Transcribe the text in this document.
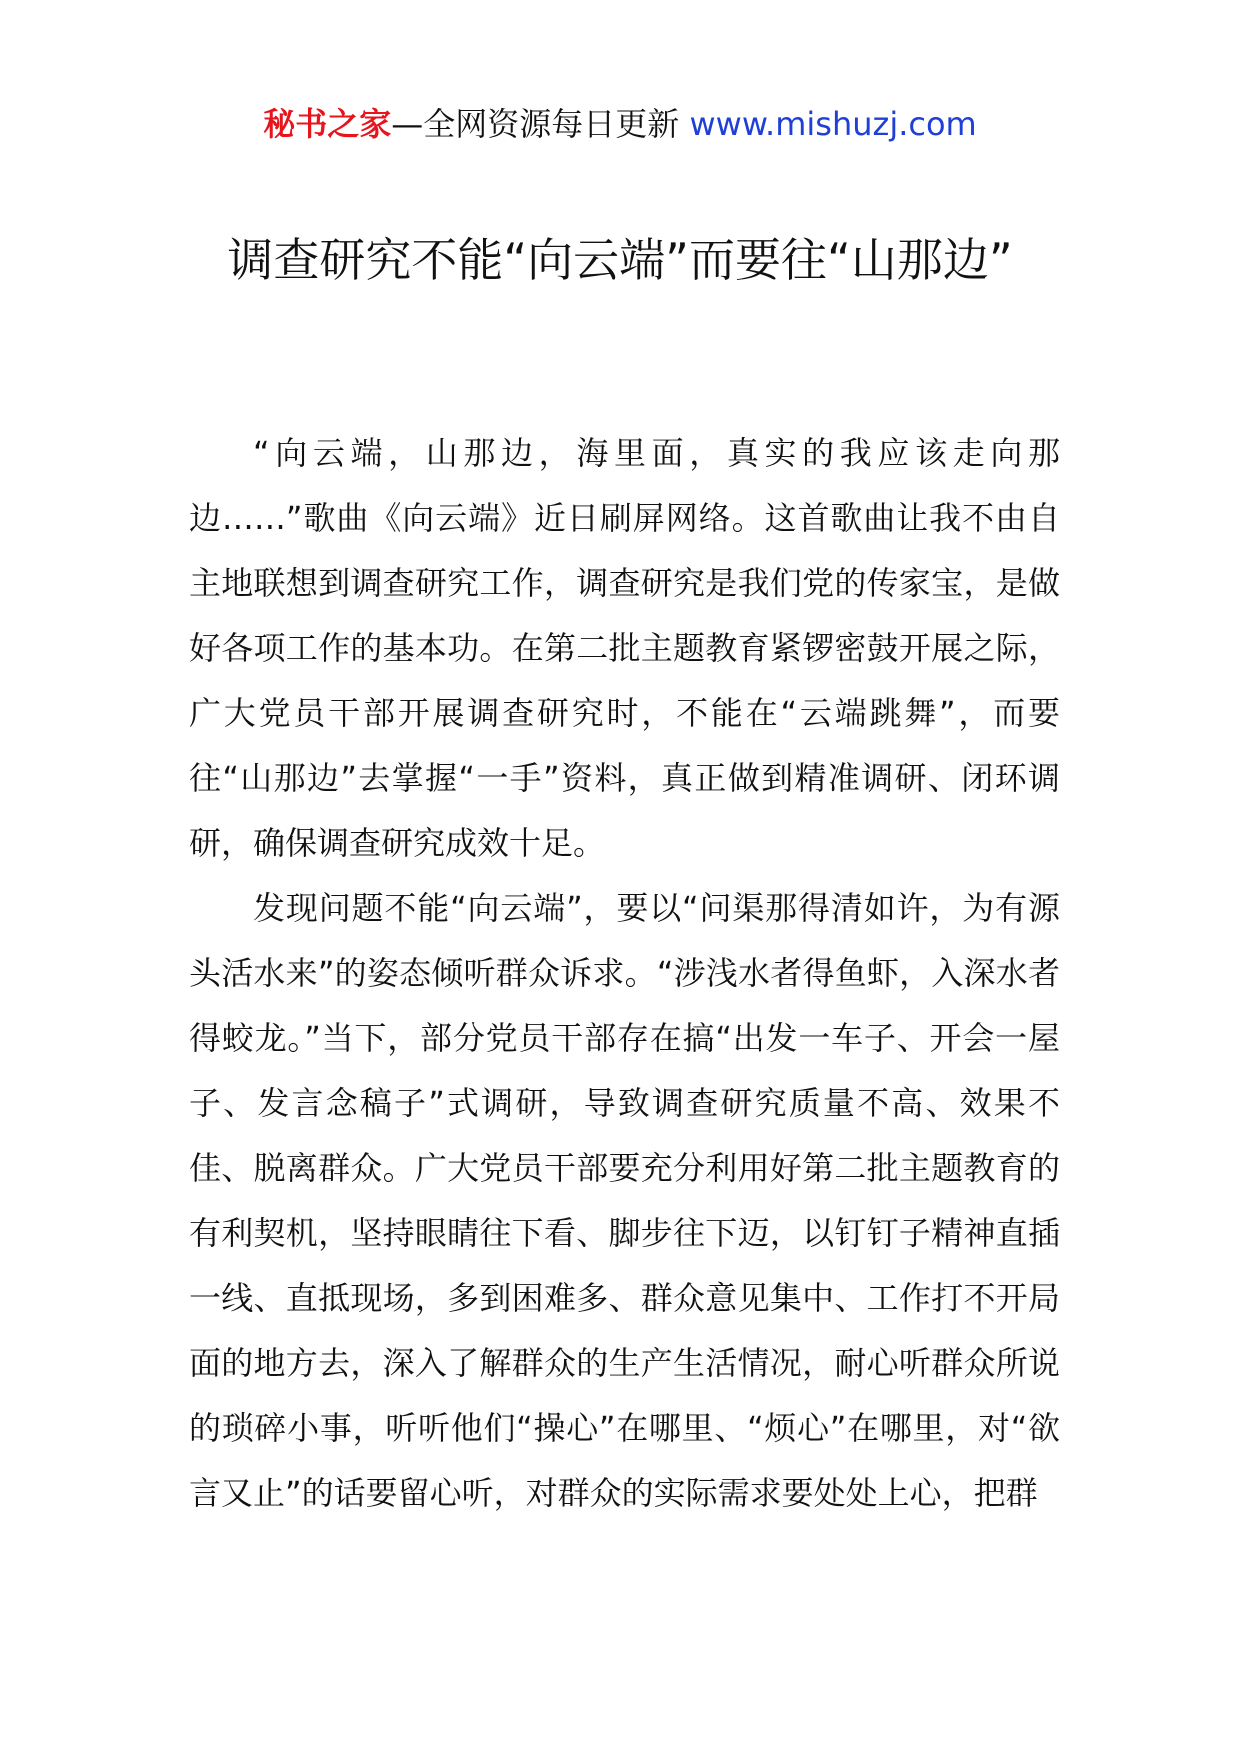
秘书之家—全网资源每日更新 www.mishuzj.com
调查研究不能“向云端”而要往“山那边”

“向云端，山那边，海里面，真实的我应该走向那边……”歌曲《向云端》近日刷屏网络。这首歌曲让我不由自主地联想到调查研究工作，调查研究是我们党的传家宝，是做好各项工作的基本功。在第二批主题教育紧锣密鼓开展之际，广大党员干部开展调查研究时，不能在“云端跳舞”，而要往“山那边”去掌握“一手”资料，真正做到精准调研、闭环调研，确保调查研究成效十足。

发现问题不能“向云端”，要以“问渠那得清如许，为有源头活水来”的姿态倾听群众诉求。“涉浅水者得鱼虾，入深水者得蛟龙。”当下，部分党员干部存在搞“出发一车子、开会一屋子、发言念稿子”式调研，导致调查研究质量不高、效果不佳、脱离群众。广大党员干部要充分利用好第二批主题教育的有利契机，坚持眼睛往下看、脚步往下迈，以钉钉子精神直插一线、直抵现场，多到困难多、群众意见集中、工作打不开局面的地方去，深入了解群众的生产生活情况，耐心听群众所说的琐碎小事，听听他们“操心”在哪里、“烦心”在哪里，对“欲言又止”的话要留心听，对群众的实际需求要处处上心，把群
